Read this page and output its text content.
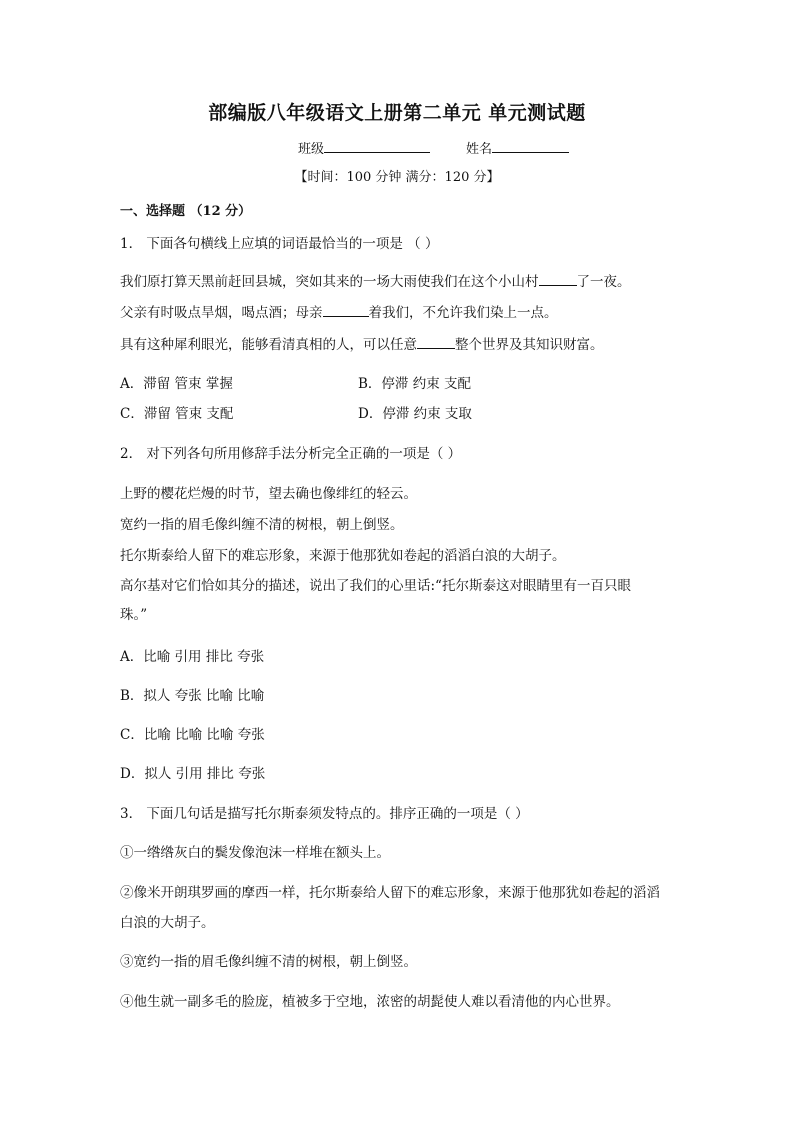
部编版八年级语文上册第二单元 单元测试题
班级	姓名
【时间：100 分钟 满分：120 分】
一、选择题 （12 分）
1． 下面各句横线上应填的词语最恰当的一项是 （ ）
我们原打算天黑前赶回县城，突如其来的一场大雨使我们在这个小山村	了一夜。
父亲有时吸点旱烟，喝点酒；母亲	着我们，不允许我们染上一点。
具有这种犀利眼光，能够看清真相的人，可以任意	整个世界及其知识财富。
A．滞留 管束 掌握	B．停滞 约束 支配
C．滞留 管束 支配	D．停滞 约束 支取
2． 对下列各句所用修辞手法分析完全正确的一项是（ ）
上野的樱花烂熳的时节，望去确也像绯红的轻云。
宽约一指的眉毛像纠缠不清的树根，朝上倒竖。
托尔斯泰给人留下的难忘形象，来源于他那犹如卷起的滔滔白浪的大胡子。
高尔基对它们恰如其分的描述，说出了我们的心里话:“托尔斯泰这对眼睛里有一百只眼
珠。”
A．比喻 引用 排比 夸张
B．拟人 夸张 比喻 比喻
C．比喻 比喻 比喻 夸张
D．拟人 引用 排比 夸张
3． 下面几句话是描写托尔斯泰须发特点的。排序正确的一项是（ ）
①一绺绺灰白的鬓发像泡沫一样堆在额头上。
②像米开朗琪罗画的摩西一样，托尔斯泰给人留下的难忘形象，来源于他那犹如卷起的滔滔
白浪的大胡子。
③宽约一指的眉毛像纠缠不清的树根，朝上倒竖。
④他生就一副多毛的脸庞，植被多于空地，浓密的胡髭使人难以看清他的内心世界。
